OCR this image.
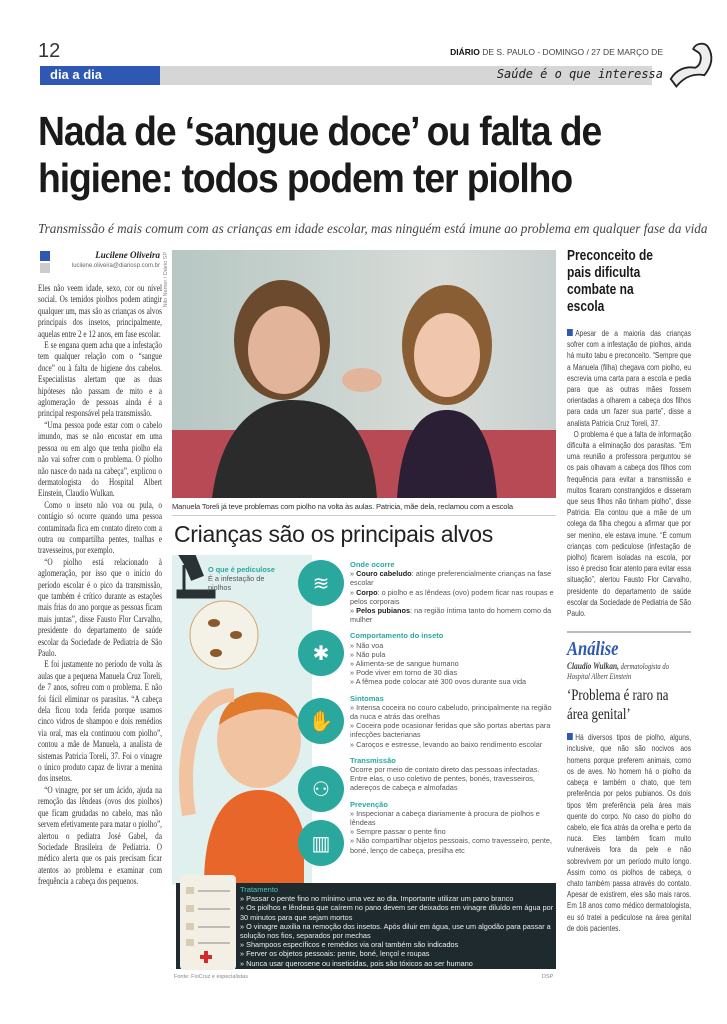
12
dia a dia
DIÁRIO DE S. PAULO - DOMINGO / 27 DE MARÇO DE
Saúde é o que interessa
Nada de ‘sangue doce’ ou falta de higiene: todos podem ter piolho
Transmissão é mais comum com as crianças em idade escolar, mas ninguém está imune ao problema em qualquer fase da vida
Lucilene Oliveira
lucilene.oliveira@diariosp.com.br

Eles não veem idade, sexo, cor ou nível social. Os temidos piolhos podem atingir qualquer um, mas são as crianças os alvos principais dos insetos, principalmente, aquelas entre 2 e 12 anos, em fase escolar.

E se engana quem acha que a infestação tem qualquer relação com o “sangue doce” ou à falta de higiene dos cabelos. Especialistas alertam que as duas hipóteses não passam de mito e a aglomeração de pessoas ainda é a principal responsável pela transmissão.

“Uma pessoa pode estar com o cabelo imundo, mas se não encostar em uma pessoa ou em algo que tenha piolho ela não vai sofrer com o problema. O piolho não nasce do nada na cabeça”, explicou o dermatologista do Hospital Albert Einstein, Claudio Wulkan.

Como o inseto não voa ou pula, o contágio só ocorre quando uma pessoa contaminada fica em contato direto com a outra ou compartilha pentes, toalhas e travesseiros, por exemplo.

“O piolho está relacionado à aglomeração, por isso que o início do período escolar é o pico da transmissão, que também é crítico durante as estações mais frias do ano porque as pessoas ficam mais juntas”, disse Fausto Flor Carvalho, presidente do departamento de saúde escolar da Sociedade de Pediatria de São Paulo.

E foi justamente no período de volta às aulas que a pequena Manuela Cruz Toreli, de 7 anos, sofreu com o problema. E não foi fácil eliminar os parasitas. “A cabeça dela ficou toda ferida porque usamos cinco vidros de shampoo e dois remédios via oral, mas ela continuou com piolho”, contou a mãe de Manuela, a analista de sistemas Patricia Toreli, 37. Foi o vinagre o único produto capaz de livrar a menina dos insetos.

“O vinagre, por ser um ácido, ajuda na remoção das lêndeas (ovos dos piolhos) que ficam grudadas no cabelo, mas não servem efetivamente para matar o piolho”, alertou o pediatra José Gabel, da Sociedade Brasileira de Pediatria. O médico alerta que os pais precisam ficar atentos ao problema e examinar com frequência a cabeça dos pequenos.

Nilo Nemer / Diário SP
Manuela Toreli já teve problemas com piolho na volta às aulas. Patricia, mãe dela, reclamou com a escola
Crianças são os principais alvos
O que é pediculose
É a infestação de piolhos	≋
✱
✋
⚇
▥
Onde ocorre
» Couro cabeludo: atinge preferencialmente crianças na fase escolar
» Corpo: o piolho e as lêndeas (ovo) podem ficar nas roupas e pelos corporais
» Pelos pubianos: na região íntima tanto do homem como da mulher
Comportamento do inseto
» Não voa
» Não pula
» Alimenta-se de sangue humano
» Pode viver em torno de 30 dias
» A fêmea pode colocar até 300 ovos durante sua vida
Sintomas
» Intensa coceira no couro cabeludo, principalmente na região da nuca e atrás das orelhas
» Coceira pode ocasionar feridas que são portas abertas para infecções bacterianas
» Caroços e estresse, levando ao baixo rendimento escolar
Transmissão
Ocorre por meio de contato direto das pessoas infectadas. Entre elas, o uso coletivo de pentes, bonés, travesseiros, adereços de cabeça e almofadas
Prevenção
» Inspecionar a cabeça diariamente à procura de piolhos e lêndeas
» Sempre passar o pente fino
» Não compartilhar objetos pessoais, como travesseiro, pente, boné, lenço de cabeça, presilha etc
Tratamento
» Passar o pente fino no mínimo uma vez ao dia. Importante utilizar um pano branco
» Os piolhos e lêndeas que caírem no pano devem ser deixados em vinagre diluído em água por 30 minutos para que sejam mortos
» O vinagre auxilia na remoção dos insetos. Após diluir em água, use um algodão para passar a solução nos fios, separados por mechas
» Shampoos específicos e remédios via oral também são indicados
» Ferver os objetos pessoais: pente, boné, lençol e roupas
» Nunca usar querosene ou inseticidas, pois são tóxicos ao ser humano
Fonte: FioCruz e especialistas	DSP
Preconceito de pais dificulta combate na escola

Apesar de a maioria das crianças sofrer com a infestação de piolhos, ainda há muito tabu e preconceito. “Sempre que a Manuela (filha) chegava com piolho, eu escrevia uma carta para a escola e pedia para que as outras mães fossem orientadas a olharem a cabeça dos filhos para cada um fazer sua parte”, disse a analista Patricia Cruz Toreli, 37.

O problema é que a falta de informação dificulta a eliminação dos parasitas. “Em uma reunião a professora perguntou se os pais olhavam a cabeça dos filhos com frequência para evitar a transmissão e muitos ficaram constrangidos e disseram que seus filhos não tinham piolho”, disse Patricia. Ela contou que a mãe de um colega da filha chegou a afirmar que por ser menino, ele estava imune. “É comum crianças com pediculose (infestação de piolho) ficarem isoladas na escola, por isso é preciso ficar atento para evitar essa situação”, alertou Fausto Flor Carvalho, presidente do departamento de saúde escolar da Sociedade de Pediatria de São Paulo.

Análise
Claudio Wulkan, dermatologista do Hospital Albert Einstein
‘Problema é raro na área genital’

Há diversos tipos de piolho, alguns, inclusive, que não são nocivos aos homens porque preferem animais, como os de aves. No homem há o piolho da cabeça e também o chato, que tem preferência por pelos pubianos. Os dois tipos têm preferência pela área mais quente do corpo. No caso do piolho do cabelo, ele fica atrás da orelha e perto da nuca. Eles também ficam muito vulneráveis fora da pele e não sobrevivem por um período muito longo. Assim como os piolhos de cabeça, o chato também passa através do contato. Apesar de existirem, eles são mais raros. Em 18 anos como médico dermatologista, eu só tratei a pediculose na área genital de dois pacientes.
